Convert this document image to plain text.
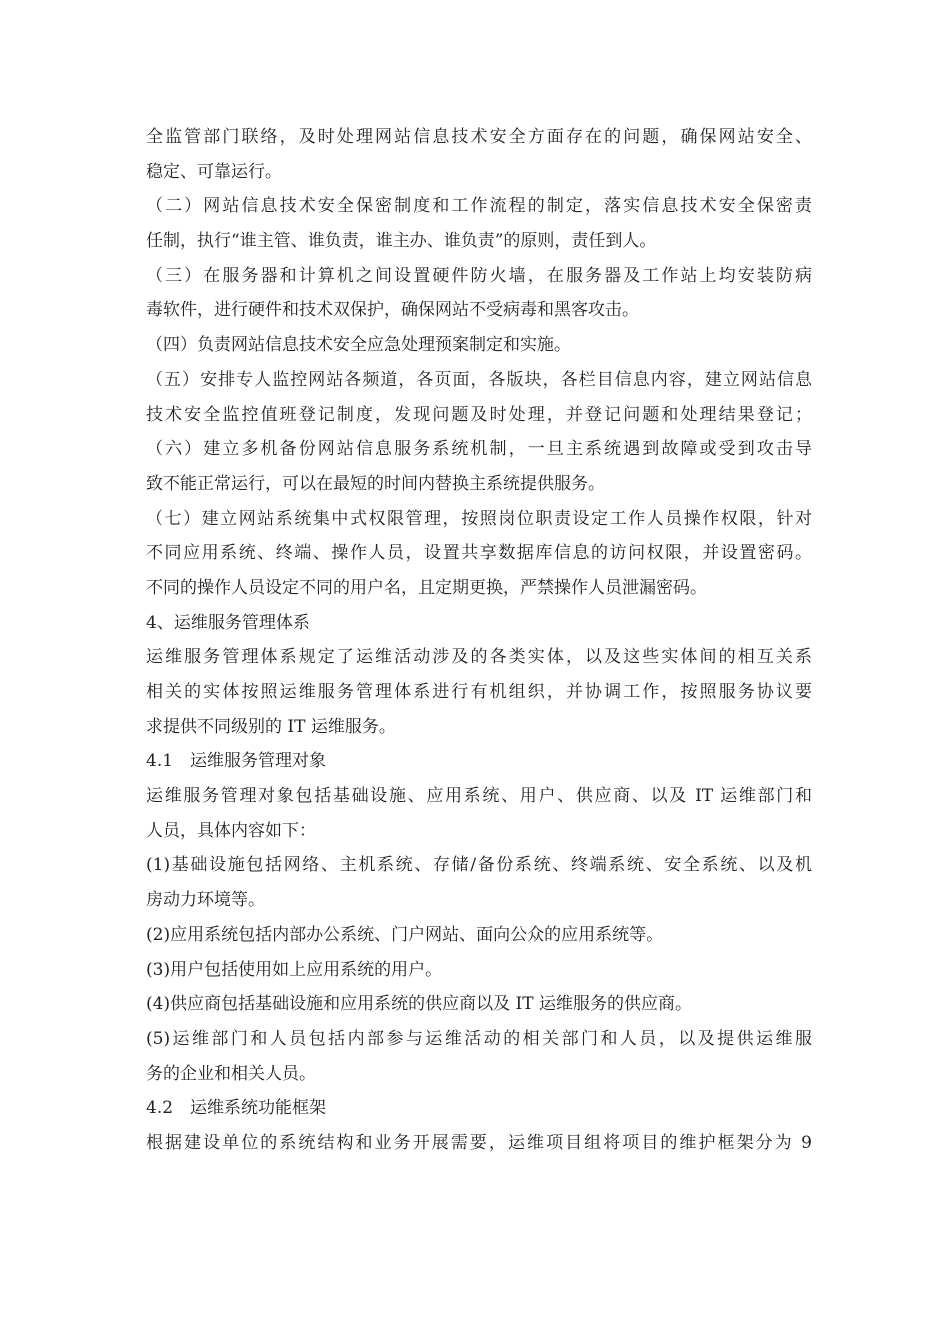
全监管部门联络，及时处理网站信息技术安全方面存在的问题，确保网站安全、
稳定、可靠运行。
（二）网站信息技术安全保密制度和工作流程的制定，落实信息技术安全保密责
任制，执行“谁主管、谁负责，谁主办、谁负责”的原则，责任到人。
（三）在服务器和计算机之间设置硬件防火墙，在服务器及工作站上均安装防病
毒软件，进行硬件和技术双保护，确保网站不受病毒和黑客攻击。
（四）负责网站信息技术安全应急处理预案制定和实施。
（五）安排专人监控网站各频道，各页面，各版块，各栏目信息内容，建立网站信息
技术安全监控值班登记制度，发现问题及时处理，并登记问题和处理结果登记；
（六）建立多机备份网站信息服务系统机制，一旦主系统遇到故障或受到攻击导
致不能正常运行，可以在最短的时间内替换主系统提供服务。
（七）建立网站系统集中式权限管理，按照岗位职责设定工作人员操作权限，针对
不同应用系统、终端、操作人员，设置共享数据库信息的访问权限，并设置密码。
不同的操作人员设定不同的用户名，且定期更换，严禁操作人员泄漏密码。
4、运维服务管理体系
运维服务管理体系规定了运维活动涉及的各类实体，以及这些实体间的相互关系
相关的实体按照运维服务管理体系进行有机组织，并协调工作，按照服务协议要
求提供不同级别的 IT 运维服务。
4.1　运维服务管理对象
运维服务管理对象包括基础设施、应用系统、用户、供应商、以及 IT 运维部门和
人员，具体内容如下：
(1)基础设施包括网络、主机系统、存储/备份系统、终端系统、安全系统、以及机
房动力环境等。
(2)应用系统包括内部办公系统、门户网站、面向公众的应用系统等。
(3)用户包括使用如上应用系统的用户。
(4)供应商包括基础设施和应用系统的供应商以及 IT 运维服务的供应商。
(5)运维部门和人员包括内部参与运维活动的相关部门和人员，以及提供运维服
务的企业和相关人员。
4.2　运维系统功能框架
根据建设单位的系统结构和业务开展需要，运维项目组将项目的维护框架分为 9
